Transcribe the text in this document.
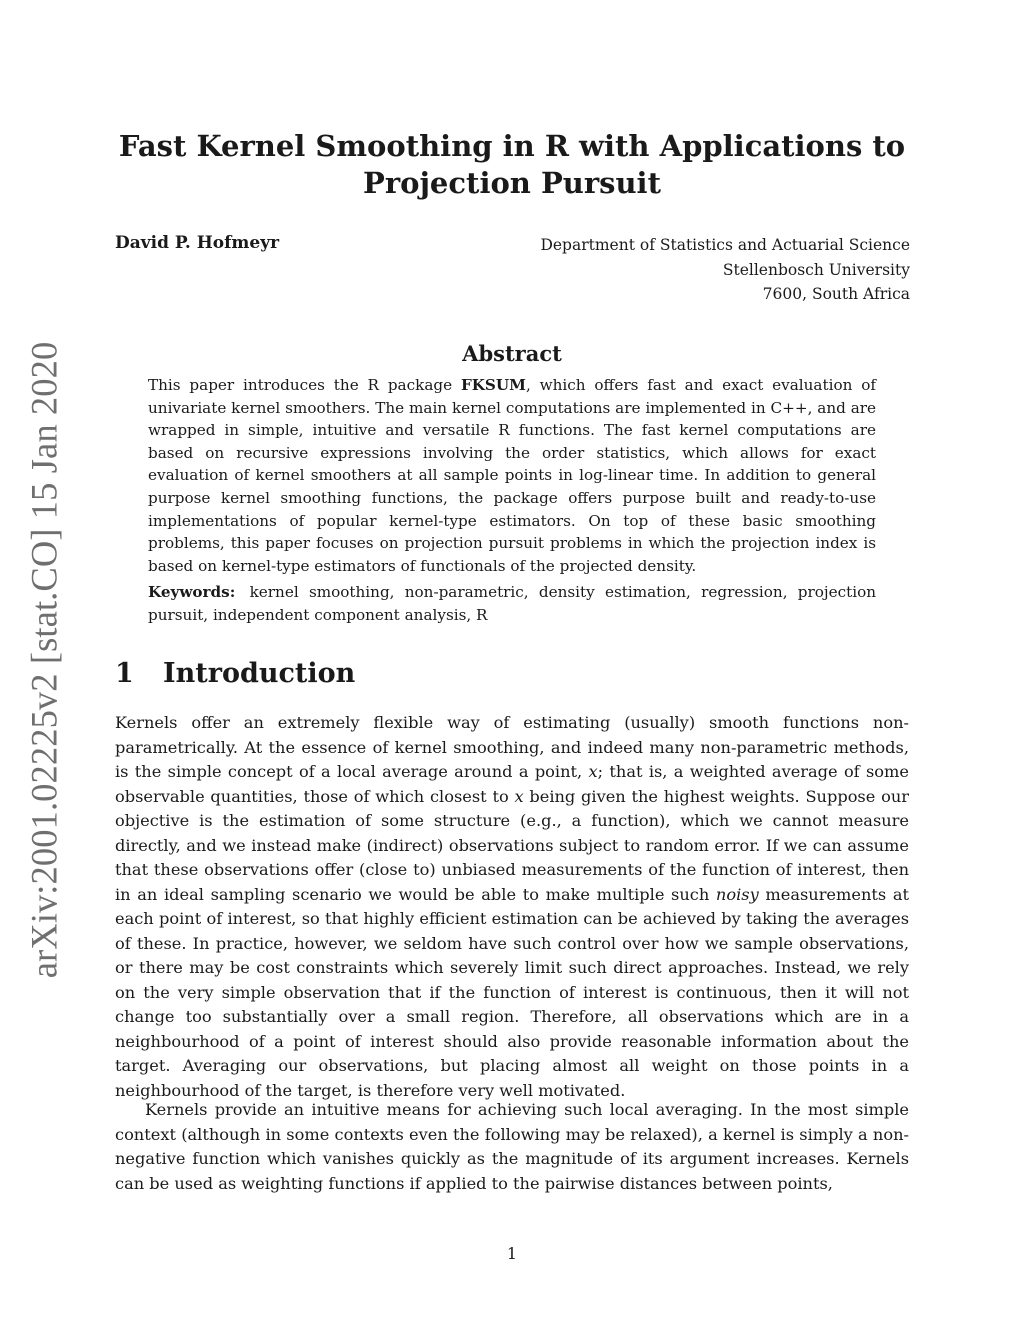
arXiv:2001.02225v2 [stat.CO] 15 Jan 2020
Fast Kernel Smoothing in R with Applications to
Projection Pursuit
David P. Hofmeyr	Department of Statistics and Actuarial Science
Stellenbosch University
7600, South Africa
Abstract
This paper introduces the R package FKSUM, which offers fast and exact evaluation of univariate kernel smoothers. The main kernel computations are implemented in C++, and are wrapped in simple, intuitive and versatile R functions. The fast kernel computations are based on recursive expressions involving the order statistics, which allows for exact evaluation of kernel smoothers at all sample points in log-linear time. In addition to general purpose kernel smoothing functions, the package offers purpose built and ready-to-use implementations of popular kernel-type estimators. On top of these basic smoothing problems, this paper focuses on projection pursuit problems in which the projection index is based on kernel-type estimators of functionals of the projected density.
Keywords: kernel smoothing, non-parametric, density estimation, regression, projection pursuit, independent component analysis, R
1 Introduction

Kernels offer an extremely flexible way of estimating (usually) smooth functions non-parametrically. At the essence of kernel smoothing, and indeed many non-parametric methods, is the simple concept of a local average around a point, x; that is, a weighted average of some observable quantities, those of which closest to x being given the highest weights. Suppose our objective is the estimation of some structure (e.g., a function), which we cannot measure directly, and we instead make (indirect) observations subject to random error. If we can assume that these observations offer (close to) unbiased measurements of the function of interest, then in an ideal sampling scenario we would be able to make multiple such noisy measurements at each point of interest, so that highly efficient estimation can be achieved by taking the averages of these. In practice, however, we seldom have such control over how we sample observations, or there may be cost constraints which severely limit such direct approaches. Instead, we rely on the very simple observation that if the function of interest is continuous, then it will not change too substantially over a small region. Therefore, all observations which are in a neighbourhood of a point of interest should also provide reasonable information about the target. Averaging our observations, but placing almost all weight on those points in a neighbourhood of the target, is therefore very well motivated.

Kernels provide an intuitive means for achieving such local averaging. In the most simple context (although in some contexts even the following may be relaxed), a kernel is simply a non-negative function which vanishes quickly as the magnitude of its argument increases. Kernels can be used as weighting functions if applied to the pairwise distances between points,

1
